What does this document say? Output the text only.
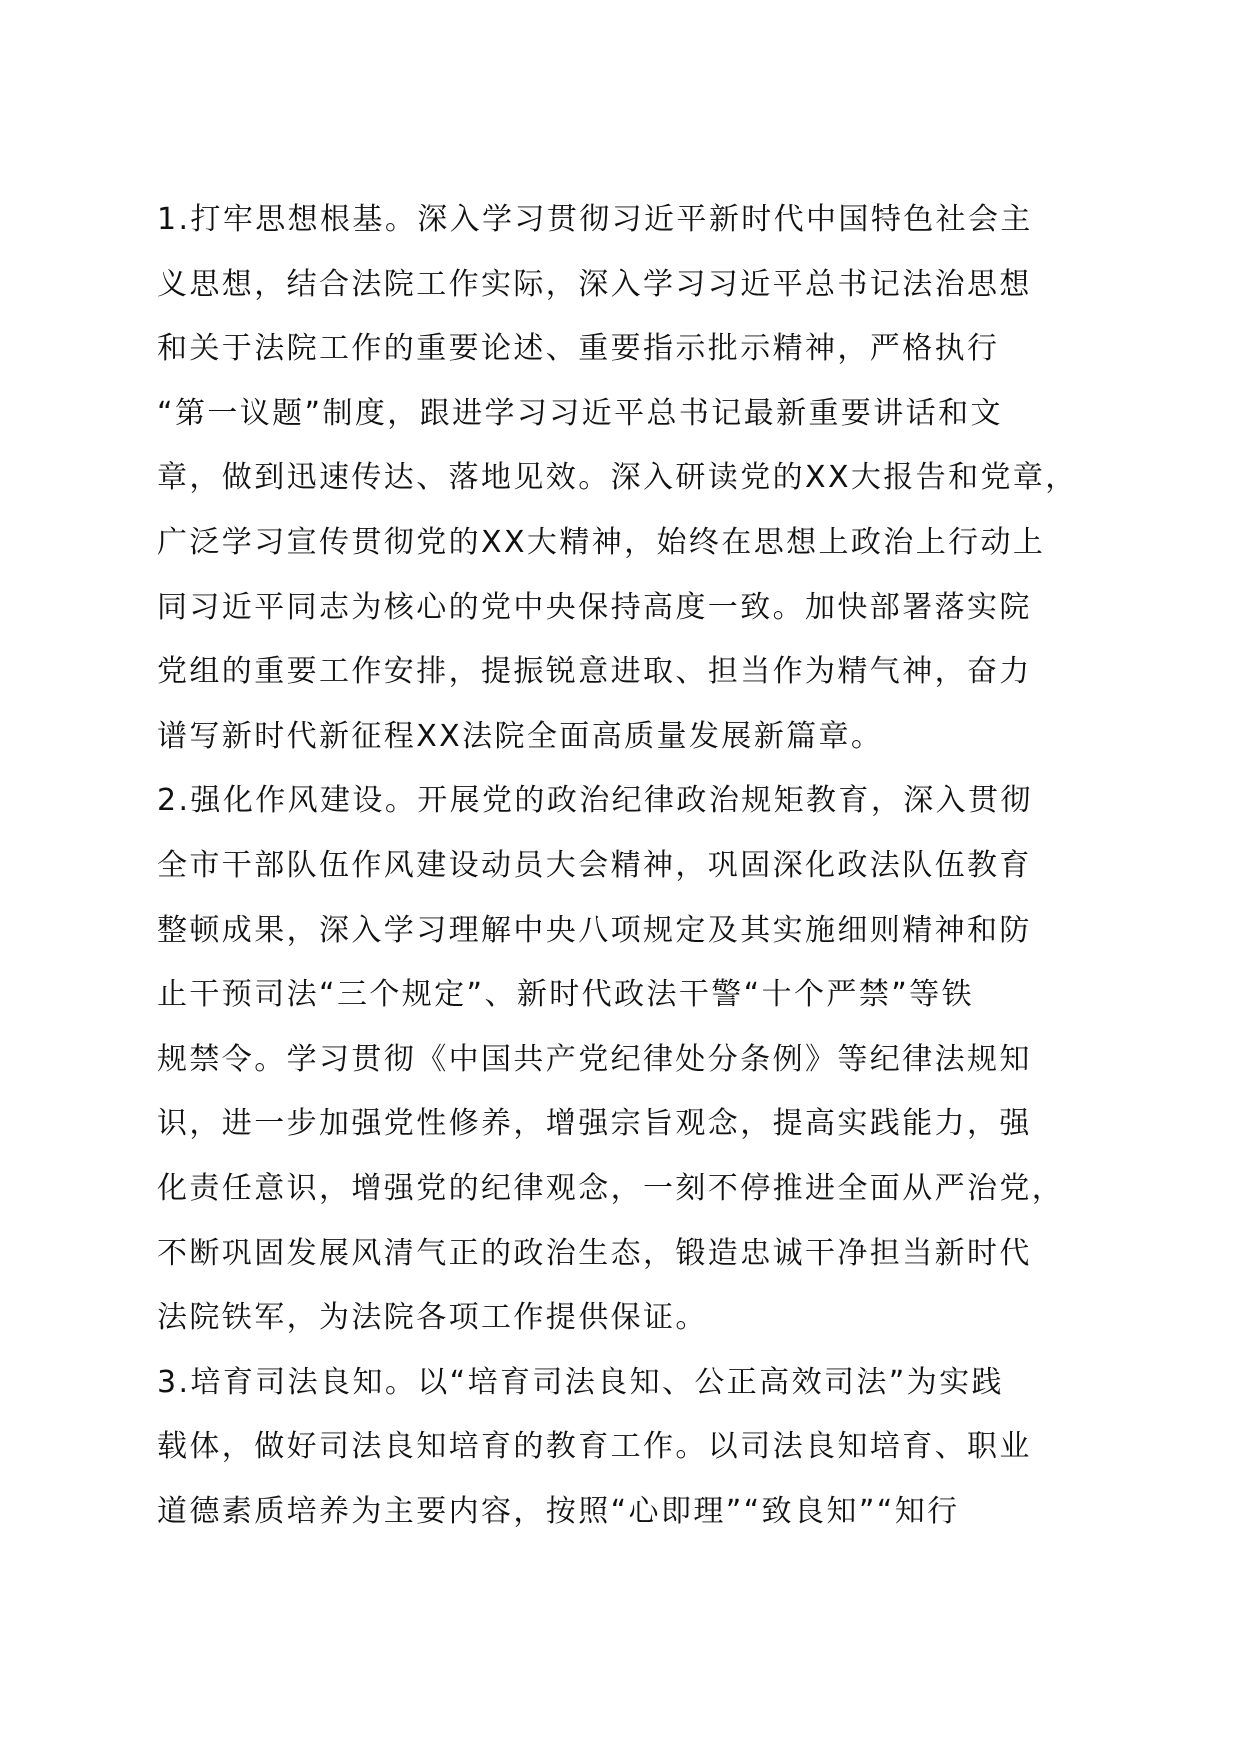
1.打牢思想根基。深入学习贯彻习近平新时代中国特色社会主
义思想，结合法院工作实际，深入学习习近平总书记法治思想
和关于法院工作的重要论述、重要指示批示精神，严格执行
“第一议题”制度，跟进学习习近平总书记最新重要讲话和文
章，做到迅速传达、落地见效。深入研读党的XX大报告和党章，
广泛学习宣传贯彻党的XX大精神，始终在思想上政治上行动上
同习近平同志为核心的党中央保持高度一致。加快部署落实院
党组的重要工作安排，提振锐意进取、担当作为精气神，奋力
谱写新时代新征程XX法院全面高质量发展新篇章。
2.强化作风建设。开展党的政治纪律政治规矩教育，深入贯彻
全市干部队伍作风建设动员大会精神，巩固深化政法队伍教育
整顿成果，深入学习理解中央八项规定及其实施细则精神和防
止干预司法“三个规定”、新时代政法干警“十个严禁”等铁
规禁令。学习贯彻《中国共产党纪律处分条例》等纪律法规知
识，进一步加强党性修养，增强宗旨观念，提高实践能力，强
化责任意识，增强党的纪律观念，一刻不停推进全面从严治党，
不断巩固发展风清气正的政治生态，锻造忠诚干净担当新时代
法院铁军，为法院各项工作提供保证。
3.培育司法良知。以“培育司法良知、公正高效司法”为实践
载体，做好司法良知培育的教育工作。以司法良知培育、职业
道德素质培养为主要内容，按照“心即理”“致良知”“知行
